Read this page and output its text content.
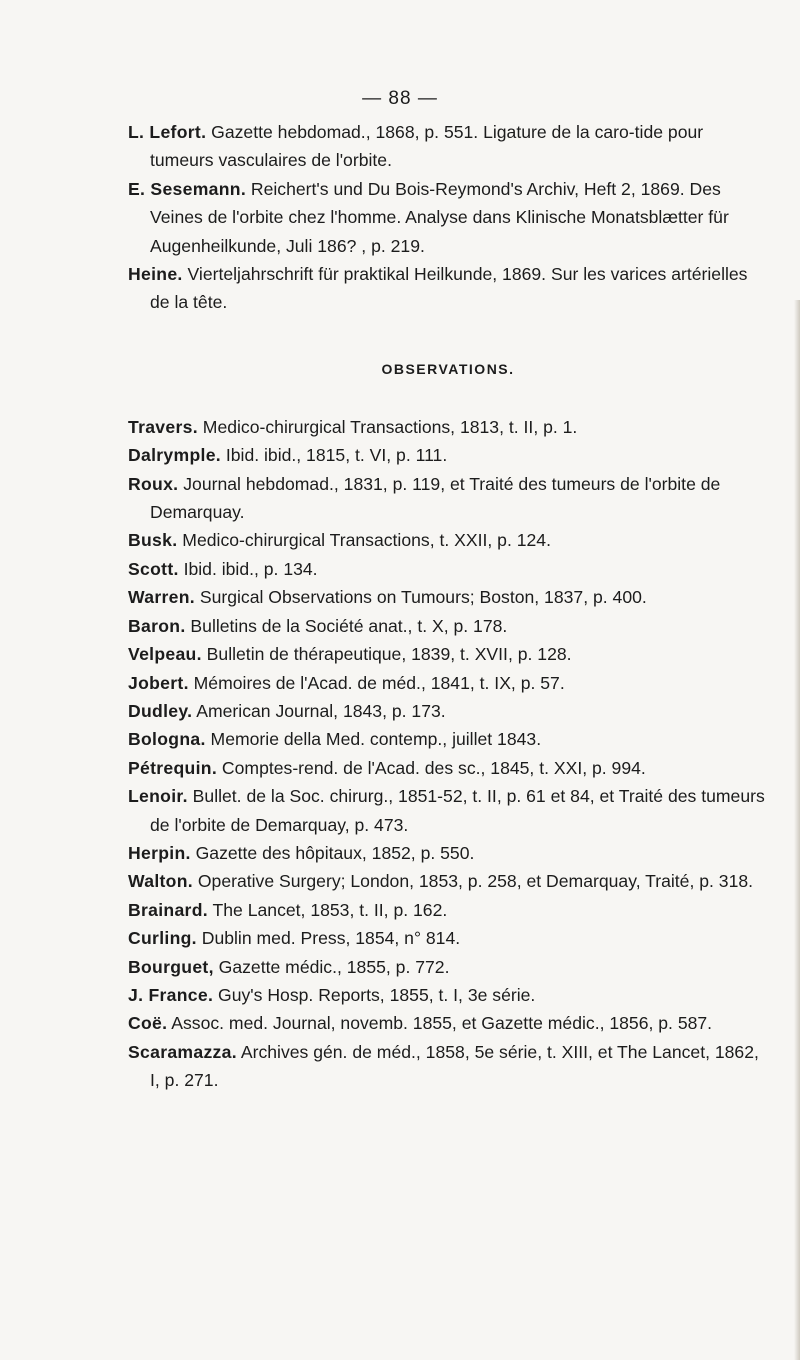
— 88 —

L. Lefort. Gazette hebdomad., 1868, p. 551. Ligature de la caro-tide pour tumeurs vasculaires de l'orbite.

E. Sesemann. Reichert's und Du Bois-Reymond's Archiv, Heft 2, 1869. Des Veines de l'orbite chez l'homme. Analyse dans Klinische Monatsblætter für Augenheilkunde, Juli 186? , p. 219.

Heine. Vierteljahrschrift für praktikal Heilkunde, 1869. Sur les varices artérielles de la tête.

OBSERVATIONS.

Travers. Medico-chirurgical Transactions, 1813, t. II, p. 1.

Dalrymple. Ibid. ibid., 1815, t. VI, p. 111.

Roux. Journal hebdomad., 1831, p. 119, et Traité des tumeurs de l'orbite de Demarquay.

Busk. Medico-chirurgical Transactions, t. XXII, p. 124.

Scott. Ibid. ibid., p. 134.

Warren. Surgical Observations on Tumours; Boston, 1837, p. 400.

Baron. Bulletins de la Société anat., t. X, p. 178.

Velpeau. Bulletin de thérapeutique, 1839, t. XVII, p. 128.

Jobert. Mémoires de l'Acad. de méd., 1841, t. IX, p. 57.

Dudley. American Journal, 1843, p. 173.

Bologna. Memorie della Med. contemp., juillet 1843.

Pétrequin. Comptes-rend. de l'Acad. des sc., 1845, t. XXI, p. 994.

Lenoir. Bullet. de la Soc. chirurg., 1851-52, t. II, p. 61 et 84, et Traité des tumeurs de l'orbite de Demarquay, p. 473.

Herpin. Gazette des hôpitaux, 1852, p. 550.

Walton. Operative Surgery; London, 1853, p. 258, et Demarquay, Traité, p. 318.

Brainard. The Lancet, 1853, t. II, p. 162.

Curling. Dublin med. Press, 1854, n° 814.

Bourguet, Gazette médic., 1855, p. 772.

J. France. Guy's Hosp. Reports, 1855, t. I, 3e série.

Coë. Assoc. med. Journal, novemb. 1855, et Gazette médic., 1856, p. 587.

Scaramazza. Archives gén. de méd., 1858, 5e série, t. XIII, et The Lancet, 1862, I, p. 271.
